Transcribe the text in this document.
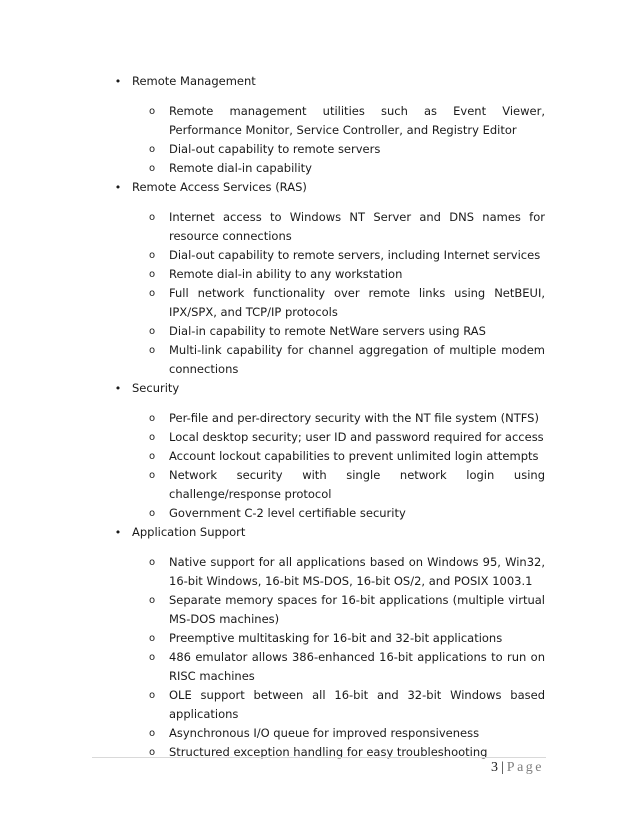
• Remote Management
o	Remote management utilities such as Event Viewer, Performance Monitor, Service Controller, and Registry Editor
o	Dial-out capability to remote servers
o	Remote dial-in capability
• Remote Access Services (RAS)
o	Internet access to Windows NT Server and DNS names for resource connections
o	Dial-out capability to remote servers, including Internet services
o	Remote dial-in ability to any workstation
o	Full network functionality over remote links using NetBEUI, IPX/SPX, and TCP/IP protocols
o	Dial-in capability to remote NetWare servers using RAS
o	Multi-link capability for channel aggregation of multiple modem connections
• Security
o	Per-file and per-directory security with the NT file system (NTFS)
o	Local desktop security; user ID and password required for access
o	Account lockout capabilities to prevent unlimited login attempts
o	Network security with single network login using challenge/response protocol
o	Government C-2 level certifiable security
• Application Support
o	Native support for all applications based on Windows 95, Win32, 16-bit Windows, 16-bit MS-DOS, 16-bit OS/2, and POSIX 1003.1
o	Separate memory spaces for 16-bit applications (multiple virtual MS-DOS machines)
o	Preemptive multitasking for 16-bit and 32-bit applications
o	486 emulator allows 386-enhanced 16-bit applications to run on RISC machines
o	OLE support between all 16-bit and 32-bit Windows based applications
o	Asynchronous I/O queue for improved responsiveness
o	Structured exception handling for easy troubleshooting
3 | Page
